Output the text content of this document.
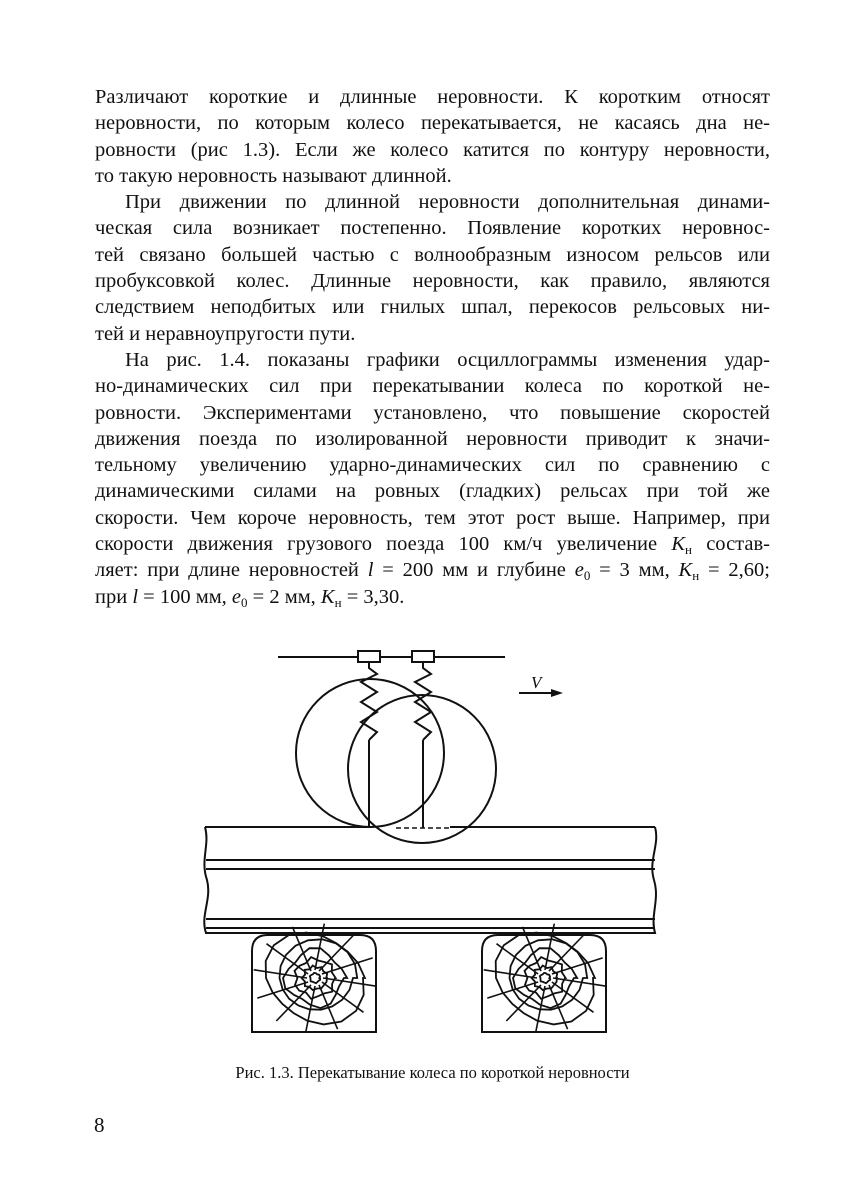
Различают короткие и длинные неровности. К коротким относят
неровности, по которым колесо перекатывается, не касаясь дна не-
ровности (рис 1.3). Если же колесо катится по контуру неровности,
то такую неровность называют длинной.
При движении по длинной неровности дополнительная динами-
ческая сила возникает постепенно. Появление коротких неровнос-
тей связано большей частью с волнообразным износом рельсов или
пробуксовкой колес. Длинные неровности, как правило, являются
следствием неподбитых или гнилых шпал, перекосов рельсовых ни-
тей и неравноупругости пути.
На рис. 1.4. показаны графики осциллограммы изменения удар-
но-динамических сил при перекатывании колеса по короткой не-
ровности. Экспериментами установлено, что повышение скоростей
движения поезда по изолированной неровности приводит к значи-
тельному увеличению ударно-динамических сил по сравнению с
динамическими силами на ровных (гладких) рельсах при той же
скорости. Чем короче неровность, тем этот рост выше. Например, при
скорости движения грузового поезда 100 км/ч увеличение $K_н$ состав-
ляет: при длине неровностей l = 200 мм и глубине $e_0 = 3$ мм, $K_н = 2,60$;
при l = 100 мм, $e_0 = 2$ мм, $K_н = 3,30$.
V
Рис. 1.3. Перекатывание колеса по короткой неровности
8
